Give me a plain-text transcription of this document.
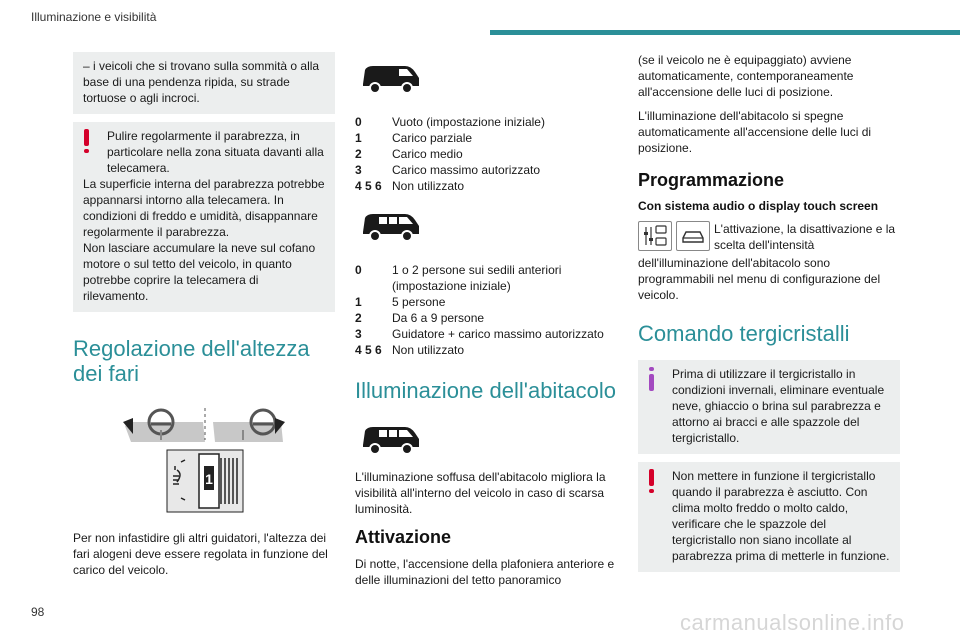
Illuminazione e visibilità
– i veicoli che si trovano sulla sommità o alla base di una pendenza ripida, su strade tortuose o agli incroci.
Pulire regolarmente il parabrezza, in particolare nella zona situata davanti alla telecamera.
La superficie interna del parabrezza potrebbe appannarsi intorno alla telecamera. In condizioni di freddo e umidità, disappannare regolarmente il parabrezza.
Non lasciare accumulare la neve sul cofano motore o sul tetto del veicolo, in quanto potrebbe coprire la telecamera di rilevamento.
Regolazione dell'altezza dei fari
1

Per non infastidire gli altri guidatori, l'altezza dei fari alogeni deve essere regolata in funzione del carico del veicolo.

0	Vuoto (impostazione iniziale)
1	Carico parziale
2	Carico medio
3	Carico massimo autorizzato
4 5 6 Non utilizzato
0	1 o 2 persone sui sedili anteriori (impostazione iniziale)
1	5 persone
2	Da 6 a 9 persone
3	Guidatore + carico massimo autorizzato
4 5 6 Non utilizzato
Illuminazione dell'abitacolo

L'illuminazione soffusa dell'abitacolo migliora la visibilità all'interno del veicolo in caso di scarsa luminosità.

Attivazione

Di notte, l'accensione della plafoniera anteriore e delle illuminazioni del tetto panoramico

(se il veicolo ne è equipaggiato) avviene automaticamente, contemporaneamente all'accensione delle luci di posizione.

L'illuminazione dell'abitacolo si spegne automaticamente all'accensione delle luci di posizione.

Programmazione
Con sistema audio o display touch screen
L'attivazione, la disattivazione e la scelta dell'intensità

dell'illuminazione dell'abitacolo sono programmabili nel menu di configurazione del veicolo.

Comando tergicristalli
Prima di utilizzare il tergicristallo in condizioni invernali, eliminare eventuale neve, ghiaccio o brina sul parabrezza e attorno ai bracci e alle spazzole del tergicristallo.
Non mettere in funzione il tergicristallo quando il parabrezza è asciutto. Con clima molto freddo o molto caldo, verificare che le spazzole del tergicristallo non siano incollate al parabrezza prima di metterle in funzione.
98	carmanualsonline.info
